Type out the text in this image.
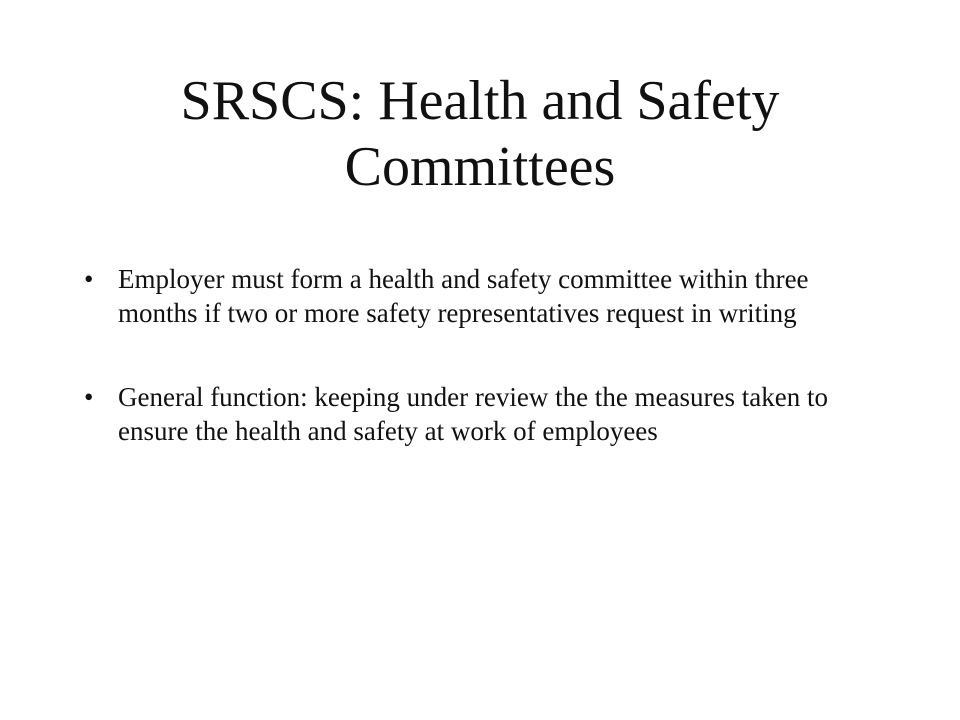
SRSCS: Health and Safety Committees
• Employer must form a health and safety committee within three months if two or more safety representatives request in writing
• General function: keeping under review the the measures taken to ensure the health and safety at work of employees
